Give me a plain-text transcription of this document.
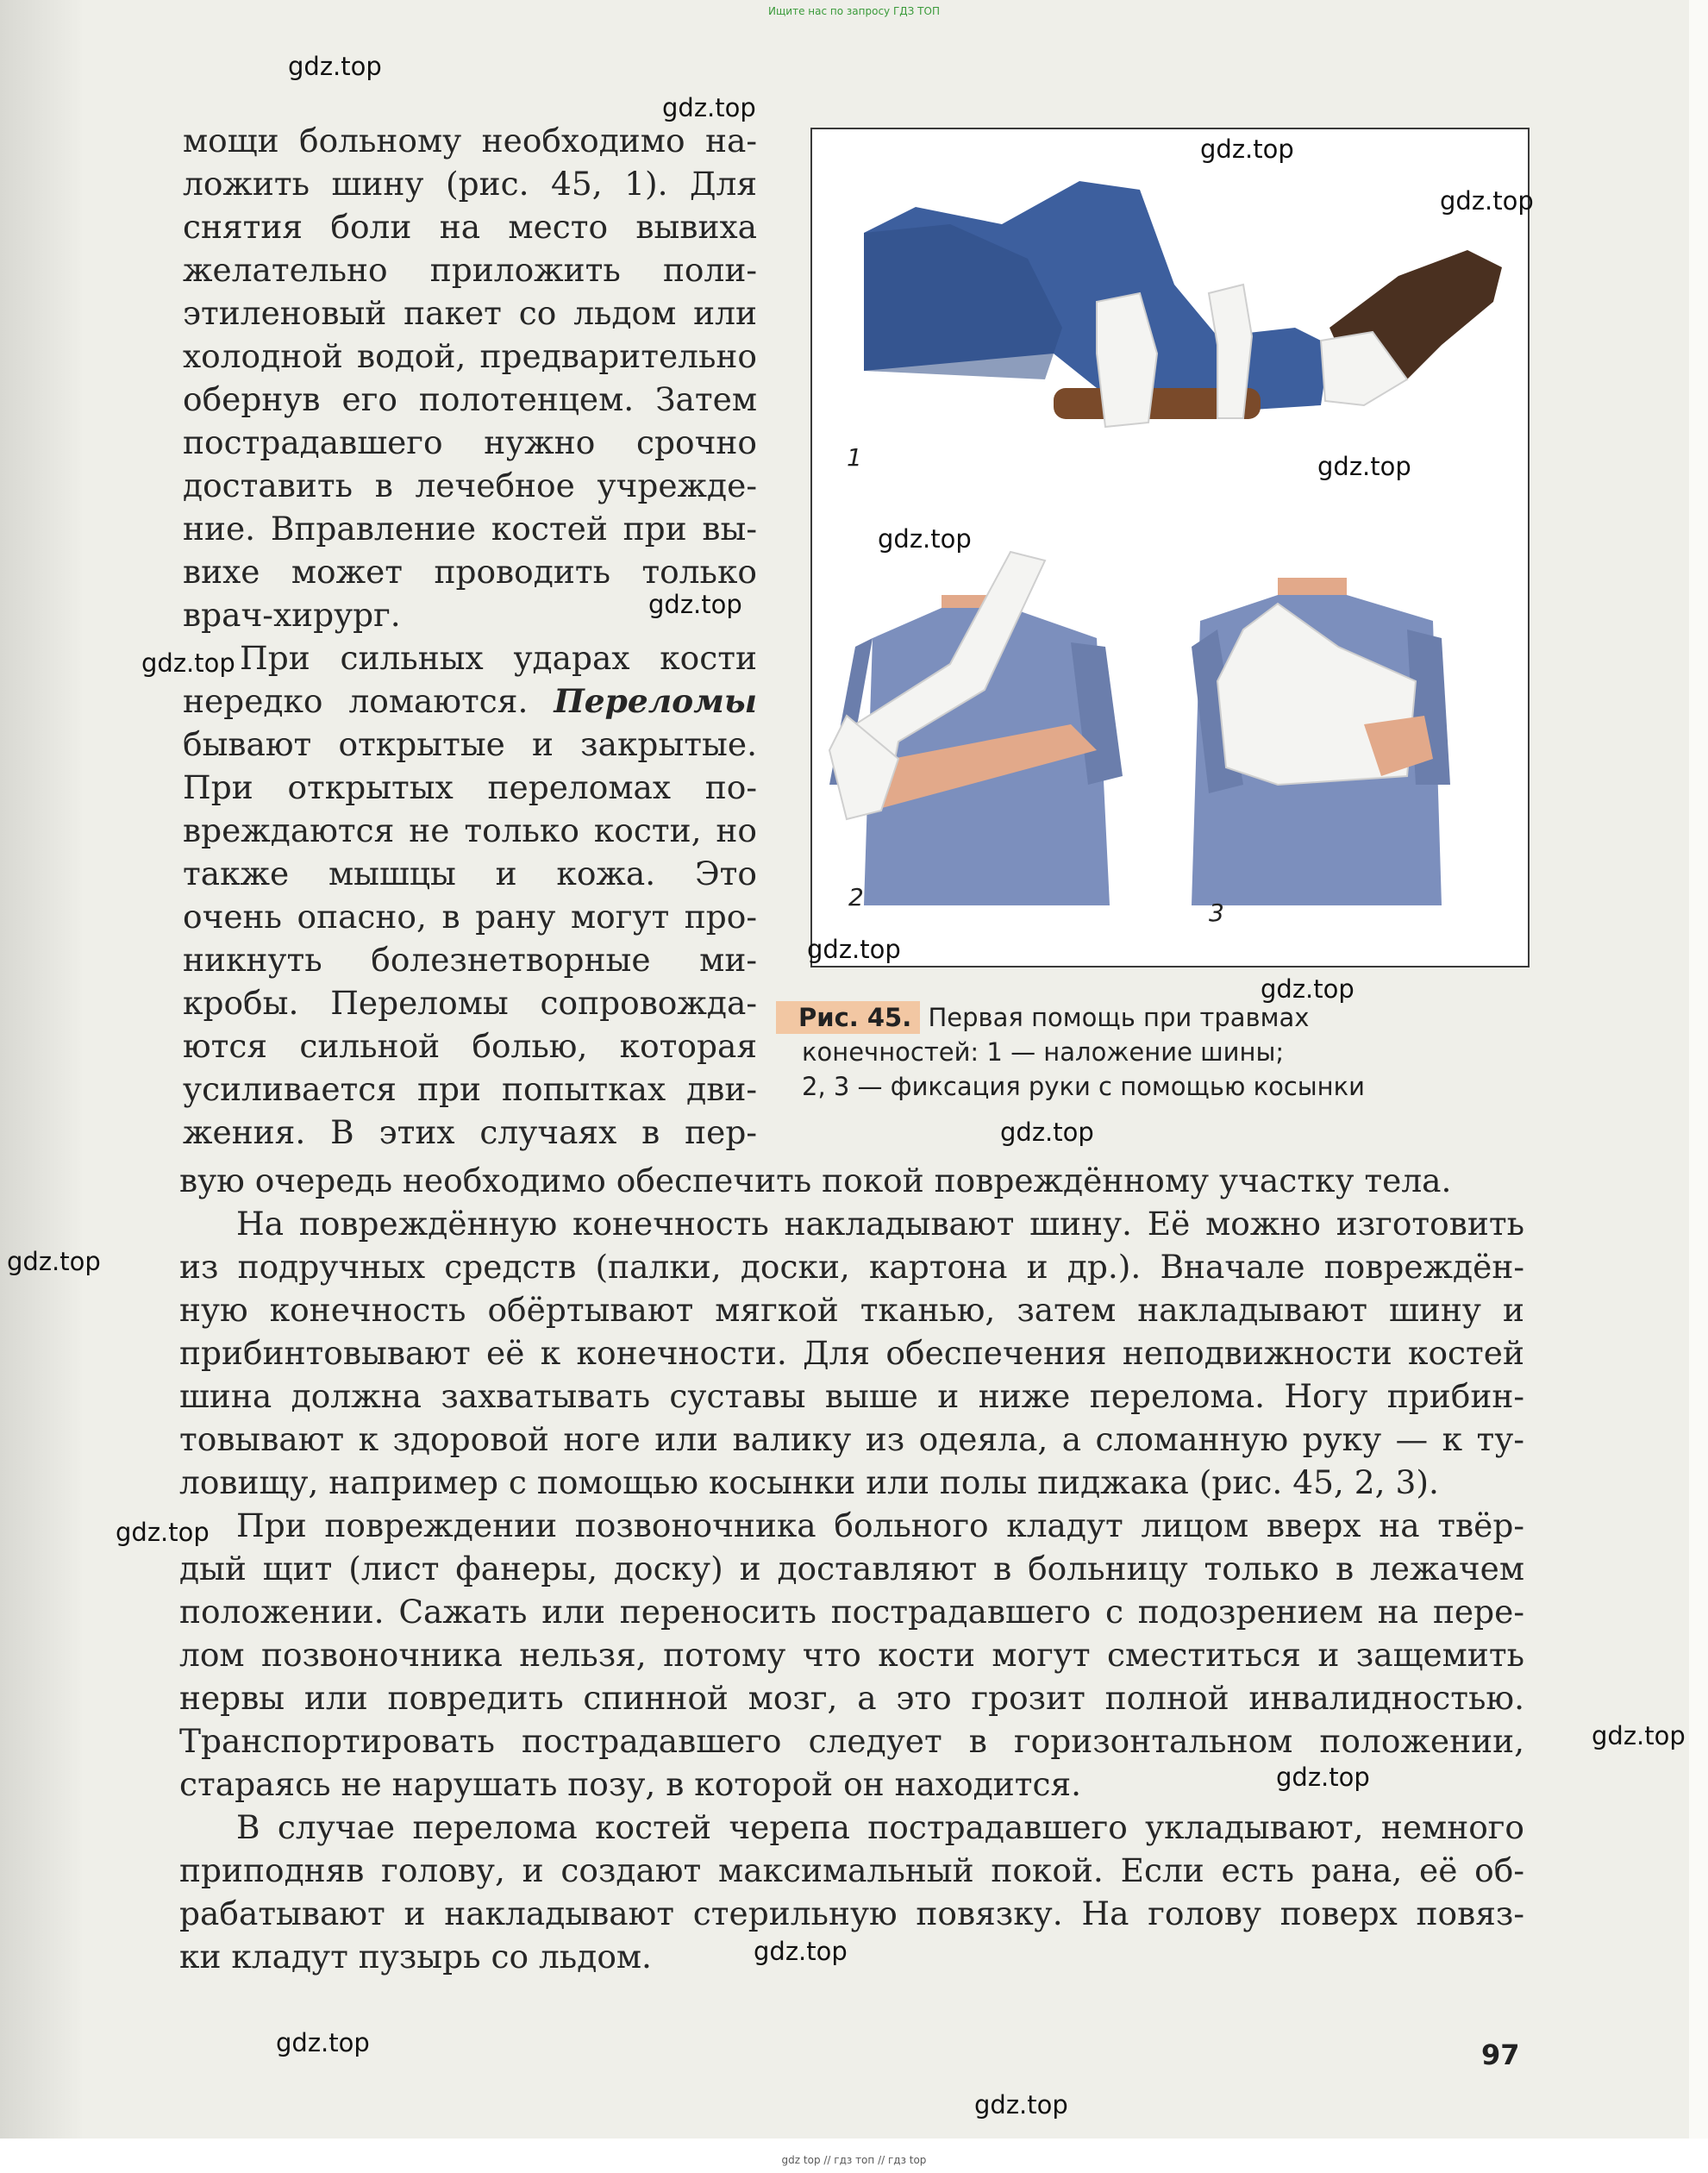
Ищите нас по запросу ГДЗ ТОП
мощи больному необходимо на-
ложить шину (рис. 45, 1). Для
снятия боли на место вывиха
желательно приложить поли-
этиленовый пакет со льдом или
холодной водой, предварительно
обернув его полотенцем. Затем
пострадавшего нужно срочно
доставить в лечебное учрежде-
ние. Вправление костей при вы-
вихе может проводить только
врач-хирург.
При сильных ударах кости
нередко ломаются. Переломы
бывают открытые и закрытые.
При открытых переломах по-
вреждаются не только кости, но
также мышцы и кожа. Это
очень опасно, в рану могут про-
никнуть болезнетворные ми-
кробы. Переломы сопровожда-
ются сильной болью, которая
усиливается при попытках дви-
жения. В этих случаях в пер-
1
2
3
Рис. 45. Первая помощь при травмах
конечностей: 1 — наложение шины;
2, 3 — фиксация руки с помощью косынки
вую очередь необходимо обеспечить покой повреждённому участку тела.
На повреждённую конечность накладывают шину. Её можно изготовить
из подручных средств (палки, доски, картона и др.). Вначале повреждён-
ную конечность обёртывают мягкой тканью, затем накладывают шину и
прибинтовывают её к конечности. Для обеспечения неподвижности костей
шина должна захватывать суставы выше и ниже перелома. Ногу прибин-
товывают к здоровой ноге или валику из одеяла, а сломанную руку — к ту-
ловищу, например с помощью косынки или полы пиджака (рис. 45, 2, 3).
При повреждении позвоночника больного кладут лицом вверх на твёр-
дый щит (лист фанеры, доску) и доставляют в больницу только в лежачем
положении. Сажать или переносить пострадавшего с подозрением на пере-
лом позвоночника нельзя, потому что кости могут сместиться и защемить
нервы или повредить спинной мозг, а это грозит полной инвалидностью.
Транспортировать пострадавшего следует в горизонтальном положении,
стараясь не нарушать позу, в которой он находится.
В случае перелома костей черепа пострадавшего укладывают, немного
приподняв голову, и создают максимальный покой. Если есть рана, её об-
рабатывают и накладывают стерильную повязку. На голову поверх повяз-
ки кладут пузырь со льдом.
97
gdz.top
gdz.top
gdz.top
gdz.top
gdz.top
gdz.top
gdz.top
gdz.top
gdz.top
gdz.top
gdz.top
gdz.top
gdz.top
gdz.top
gdz.top
gdz.top
gdz.top
gdz.top
gdz top // гдз топ // гдз top
